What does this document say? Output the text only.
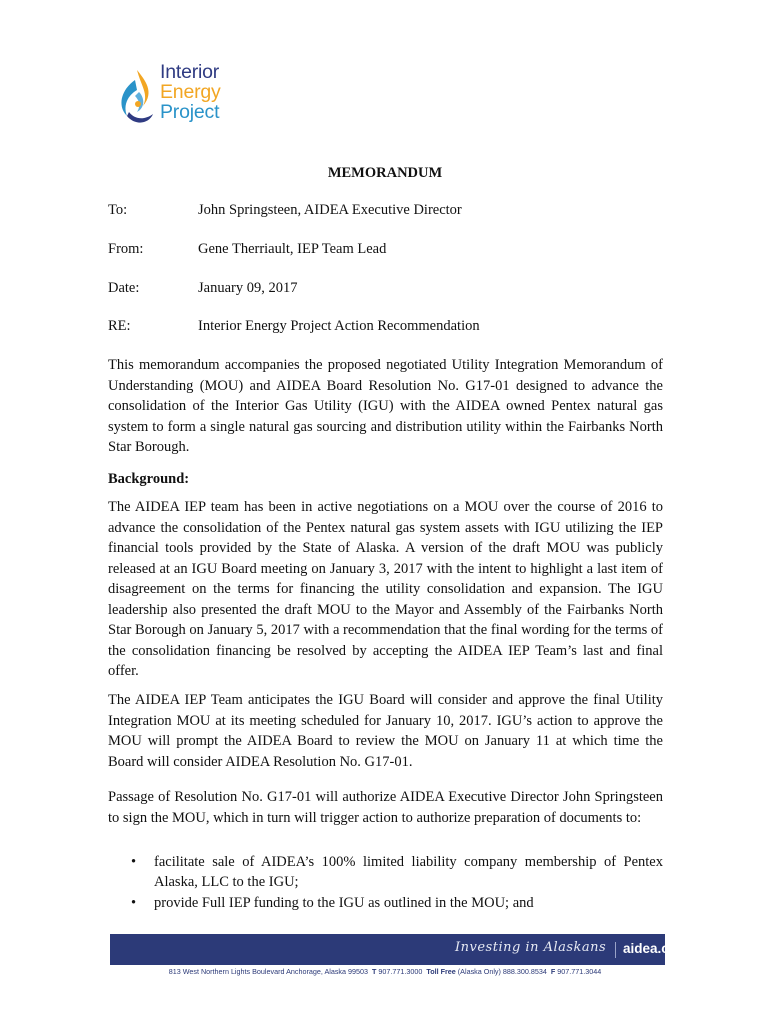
Interior
Energy
Project
MEMORANDUM
To:	John Springsteen, AIDEA Executive Director
From:	Gene Therriault, IEP Team Lead
Date:	January 09, 2017
RE:	Interior Energy Project Action Recommendation
This memorandum accompanies the proposed negotiated Utility Integration Memorandum of Understanding (MOU) and AIDEA Board Resolution No. G17-01 designed to advance the consolidation of the Interior Gas Utility (IGU) with the AIDEA owned Pentex natural gas system to form a single natural gas sourcing and distribution utility within the Fairbanks North Star Borough.
Background:
The AIDEA IEP team has been in active negotiations on a MOU over the course of 2016 to advance the consolidation of the Pentex natural gas system assets with IGU utilizing the IEP financial tools provided by the State of Alaska. A version of the draft MOU was publicly released at an IGU Board meeting on January 3, 2017 with the intent to highlight a last item of disagreement on the terms for financing the utility consolidation and expansion. The IGU leadership also presented the draft MOU to the Mayor and Assembly of the Fairbanks North Star Borough on January 5, 2017 with a recommendation that the final wording for the terms of the consolidation financing be resolved by accepting the AIDEA IEP Team’s last and final offer.
The AIDEA IEP Team anticipates the IGU Board will consider and approve the final Utility Integration MOU at its meeting scheduled for January 10, 2017. IGU’s action to approve the MOU will prompt the AIDEA Board to review the MOU on January 11 at which time the Board will consider AIDEA Resolution No. G17-01.
Passage of Resolution No. G17-01 will authorize AIDEA Executive Director John Springsteen to sign the MOU, which in turn will trigger action to authorize preparation of documents to:
• facilitate sale of AIDEA’s 100% limited liability company membership of Pentex Alaska, LLC to the IGU;
• provide Full IEP funding to the IGU as outlined in the MOU; and
Investing in Alaskans aidea.org
813 West Northern Lights Boulevard Anchorage, Alaska 99503 T 907.771.3000 Toll Free (Alaska Only) 888.300.8534 F 907.771.3044
